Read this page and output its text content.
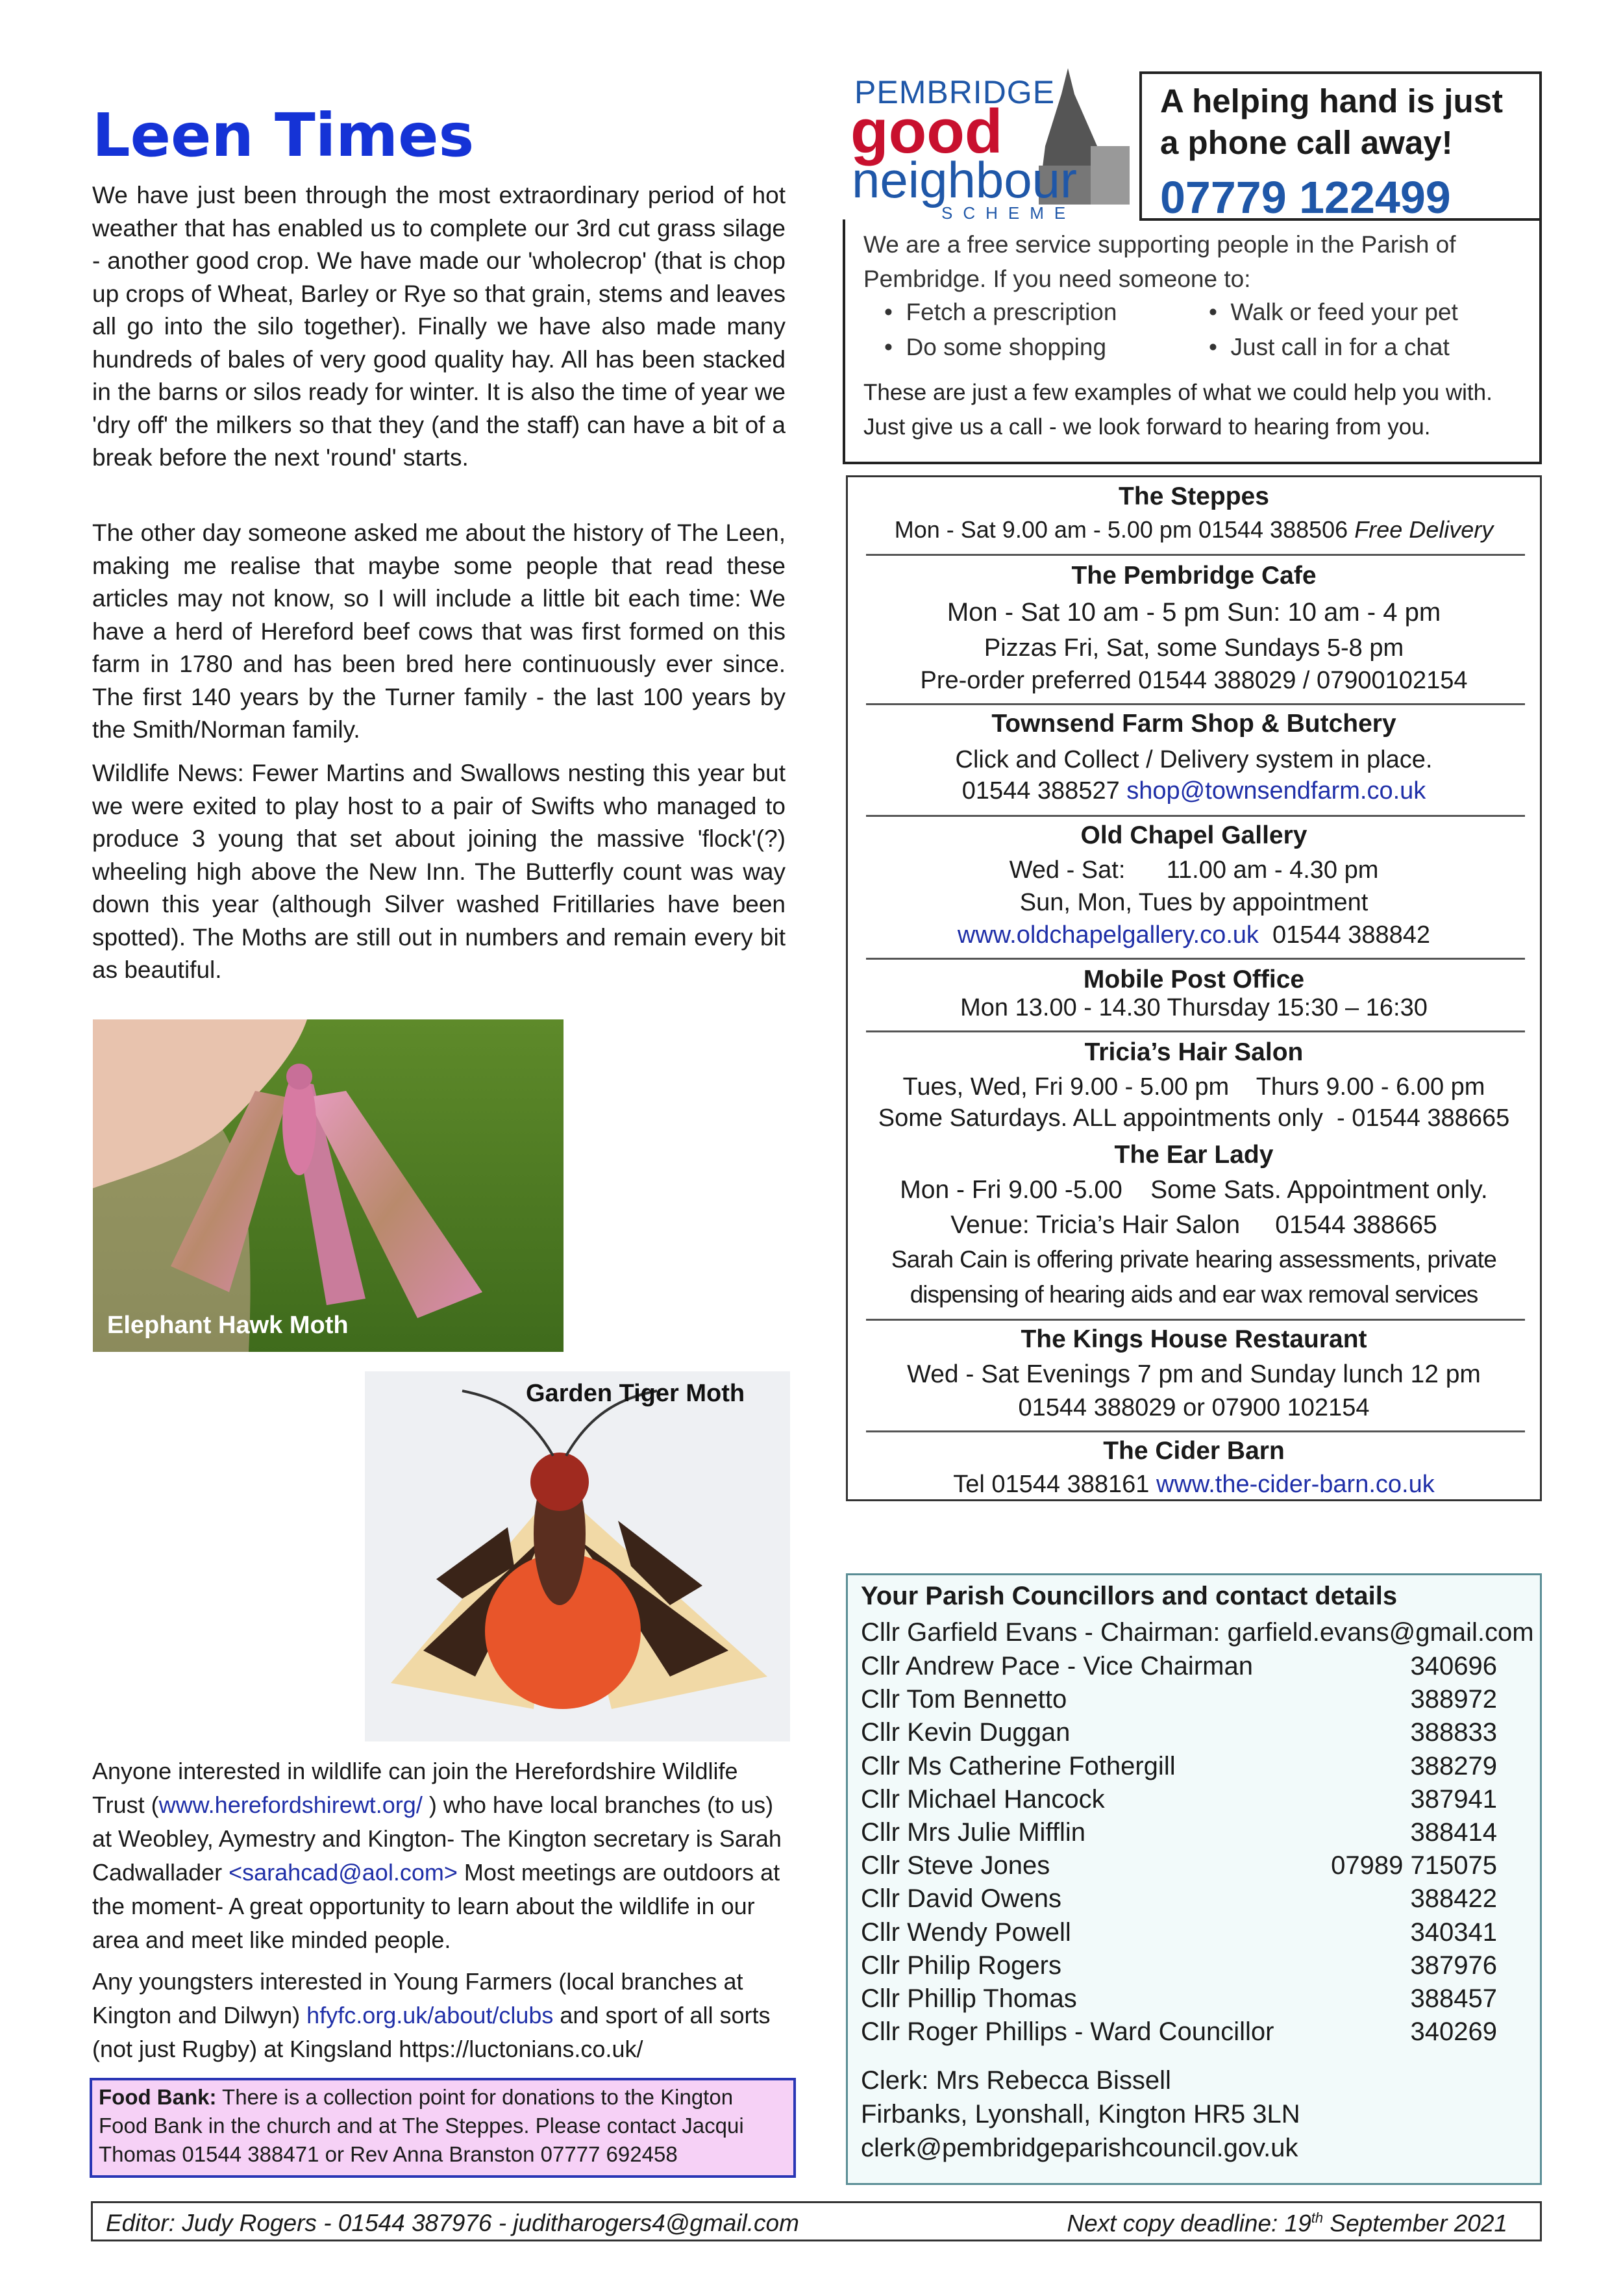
Leen Times

We have just been through the most extraordinary period of hot weather that has enabled us to complete our 3rd cut grass silage - another good crop. We have made our 'wholecrop' (that is chop up crops of Wheat, Barley or Rye so that grain, stems and leaves all go into the silo together). Finally we have also made many hundreds of bales of very good quality hay. All has been stacked in the barns or silos ready for winter. It is also the time of year we 'dry off' the milkers so that they (and the staff) can have a bit of a break before the next 'round' starts.

The other day someone asked me about the history of The Leen, making me realise that maybe some people that read these articles may not know, so I will include a little bit each time: We have a herd of Hereford beef cows that was first formed on this farm in 1780 and has been bred here continuously ever since. The first 140 years by the Turner family - the last 100 years by the Smith/Norman family.

Wildlife News: Fewer Martins and Swallows nesting this year but we were exited to play host to a pair of Swifts who managed to produce 3 young that set about joining the massive 'flock'(?) wheeling high above the New Inn. The Butterfly count was way down this year (although Silver washed Fritillaries have been spotted). The Moths are still out in numbers and remain every bit as beautiful.

Elephant Hawk Moth
Garden Tiger Moth

Anyone interested in wildlife can join the Herefordshire Wildlife Trust (www.herefordshirewt.org/ ) who have local branches (to us) at Weobley, Aymestry and Kington- The Kington secretary is Sarah Cadwallader <sarahcad@aol.com> Most meetings are outdoors at the moment- A great opportunity to learn about the wildlife in our area and meet like minded people.

Any youngsters interested in Young Farmers (local branches at Kington and Dilwyn) hfyfc.org.uk/about/clubs and sport of all sorts (not just Rugby) at Kingsland https://luctonians.co.uk/

Food Bank: There is a collection point for donations to the Kington Food Bank in the church and at The Steppes. Please contact Jacqui Thomas 01544 388471 or Rev Anna Branston 07777 692458
PEMBRIDGE
good
neighbour
SCHEME
A helping hand is just a phone call away!
07779 122499
We are a free service supporting people in the Parish of Pembridge. If you need someone to:
•  Fetch a prescription	•  Walk or feed your pet
•  Do some shopping	•  Just call in for a chat
These are just a few examples of what we could help you with. Just give us a call - we look forward to hearing from you.
The Steppes
Mon - Sat 9.00 am - 5.00 pm 01544 388506 Free Delivery
The Pembridge Cafe
Mon - Sat 10 am - 5 pm Sun: 10 am - 4 pm
Pizzas Fri, Sat, some Sundays 5-8 pm
Pre-order preferred 01544 388029 / 07900102154
Townsend Farm Shop & Butchery
Click and Collect / Delivery system in place.
01544 388527 shop@townsendfarm.co.uk
Old Chapel Gallery
Wed - Sat:      11.00 am - 4.30 pm
Sun, Mon, Tues by appointment
www.oldchapelgallery.co.uk  01544 388842
Mobile Post Office
Mon 13.00 - 14.30 Thursday 15:30 – 16:30
Tricia’s Hair Salon
Tues, Wed, Fri 9.00 - 5.00 pm    Thurs 9.00 - 6.00 pm
Some Saturdays. ALL appointments only  - 01544 388665
The Ear Lady
Mon - Fri 9.00 -5.00    Some Sats. Appointment only.
Venue: Tricia’s Hair Salon     01544 388665
Sarah Cain is offering private hearing assessments, private
dispensing of hearing aids and ear wax removal services
The Kings House Restaurant
Wed - Sat Evenings 7 pm and Sunday lunch 12 pm
01544 388029 or 07900 102154
The Cider Barn
Tel 01544 388161 www.the-cider-barn.co.uk
Your Parish Councillors and contact details
Cllr Garfield Evans - Chairman: garfield.evans@gmail.com
Cllr Andrew Pace - Vice Chairman	340696
Cllr Tom Bennetto	388972
Cllr Kevin Duggan	388833
Cllr Ms Catherine Fothergill	388279
Cllr Michael Hancock	387941
Cllr Mrs Julie Mifflin	388414
Cllr Steve Jones	07989 715075
Cllr David Owens	388422
Cllr Wendy Powell	340341
Cllr Philip Rogers	387976
Cllr Phillip Thomas	388457
Cllr Roger Phillips - Ward Councillor	340269
Clerk: Mrs Rebecca Bissell
Firbanks, Lyonshall, Kington HR5 3LN
clerk@pembridgeparishcouncil.gov.uk
Editor: Judy Rogers - 01544 387976 - juditharogers4@gmail.com	Next copy deadline: 19th September 2021
